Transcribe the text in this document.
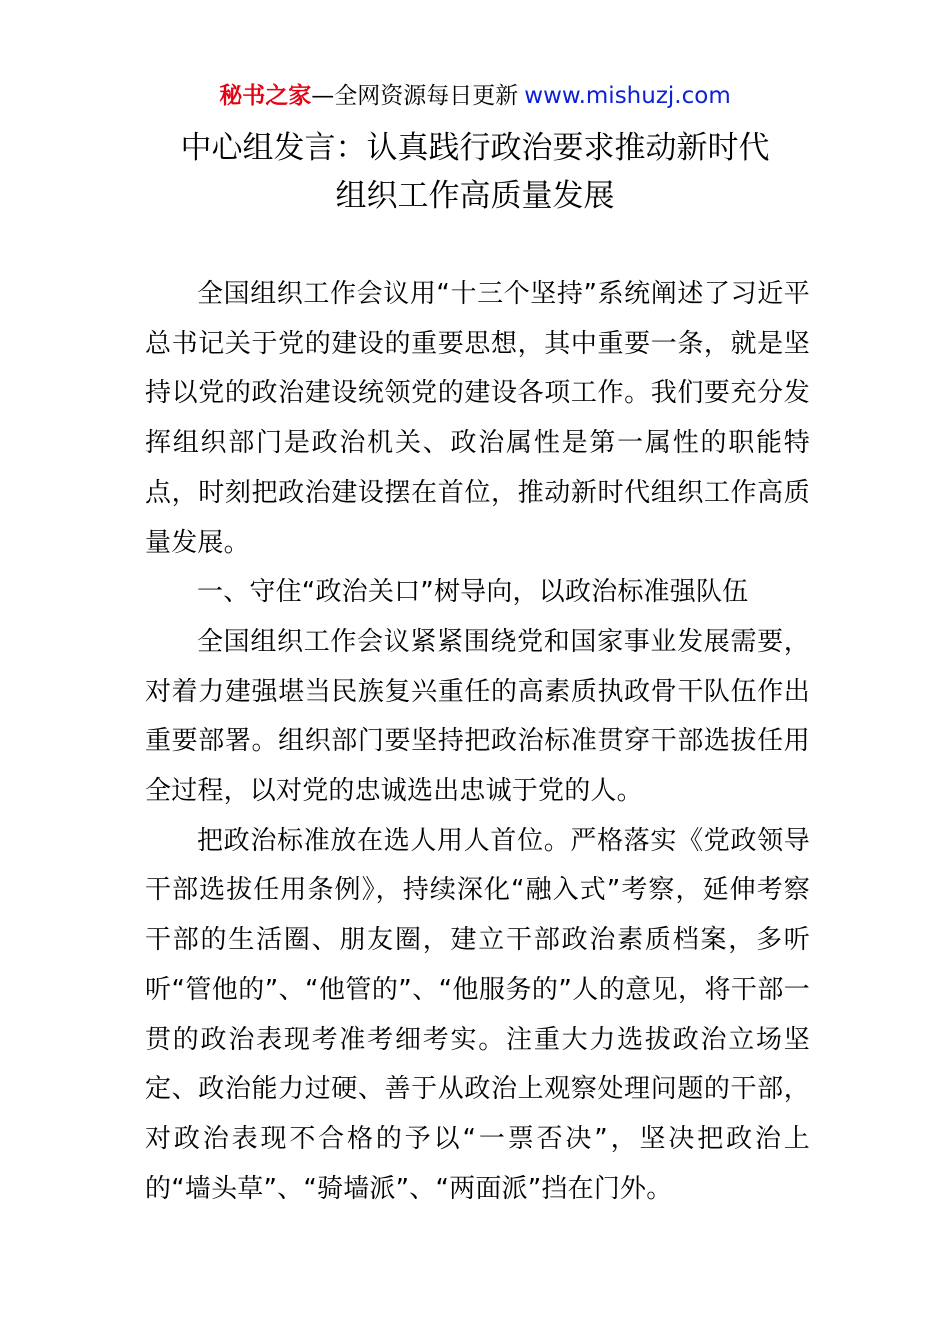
秘书之家—全网资源每日更新 www.mishuzj.com
中心组发言：认真践行政治要求推动新时代
组织工作高质量发展

全国组织工作会议用“十三个坚持”系统阐述了习近平总书记关于党的建设的重要思想，其中重要一条，就是坚持以党的政治建设统领党的建设各项工作。我们要充分发挥组织部门是政治机关、政治属性是第一属性的职能特点，时刻把政治建设摆在首位，推动新时代组织工作高质量发展。

一、守住“政治关口”树导向，以政治标准强队伍

全国组织工作会议紧紧围绕党和国家事业发展需要，对着力建强堪当民族复兴重任的高素质执政骨干队伍作出重要部署。组织部门要坚持把政治标准贯穿干部选拔任用全过程，以对党的忠诚选出忠诚于党的人。

把政治标准放在选人用人首位。严格落实《党政领导干部选拔任用条例》，持续深化“融入式”考察，延伸考察干部的生活圈、朋友圈，建立干部政治素质档案，多听听“管他的”、“他管的”、“他服务的”人的意见，将干部一贯的政治表现考准考细考实。注重大力选拔政治立场坚定、政治能力过硬、善于从政治上观察处理问题的干部，对政治表现不合格的予以“一票否决”，坚决把政治上的“墙头草”、“骑墙派”、“两面派”挡在门外。
